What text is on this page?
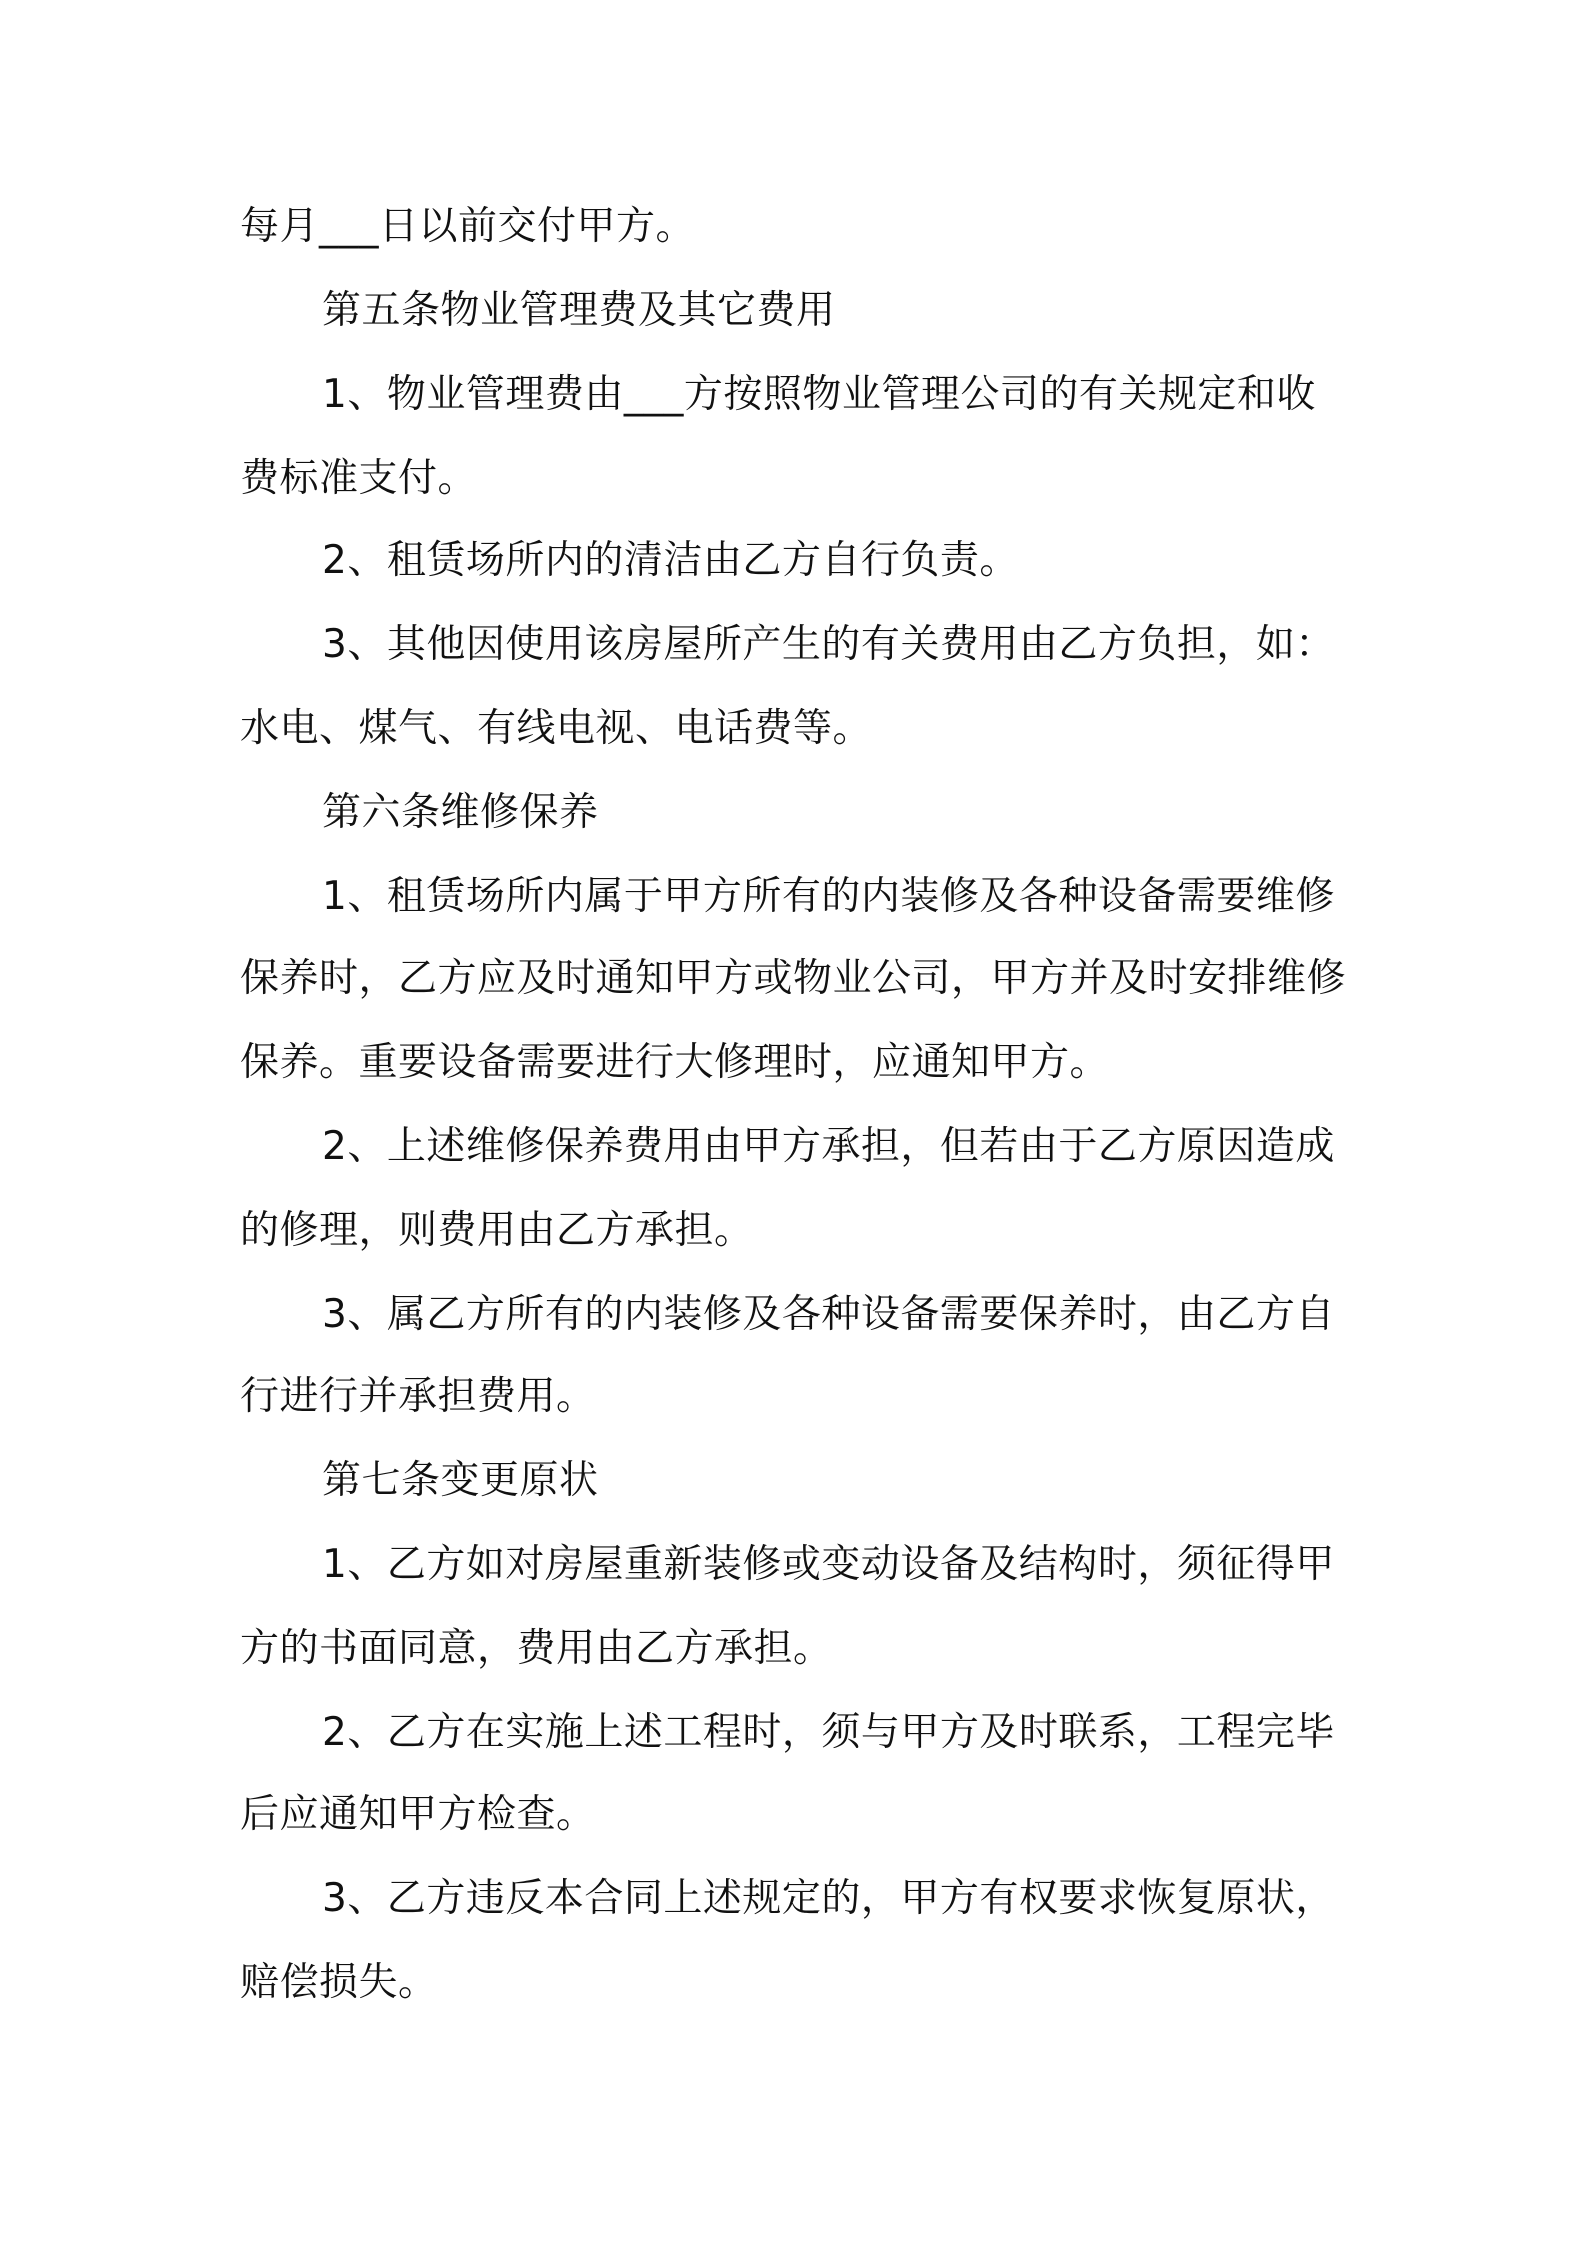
每月___日以前交付甲方。
第五条物业管理费及其它费用
1、物业管理费由___方按照物业管理公司的有关规定和收
费标准支付。
2、租赁场所内的清洁由乙方自行负责。
3、其他因使用该房屋所产生的有关费用由乙方负担，如：
水电、煤气、有线电视、电话费等。
第六条维修保养
1、租赁场所内属于甲方所有的内装修及各种设备需要维修
保养时，乙方应及时通知甲方或物业公司，甲方并及时安排维修
保养。重要设备需要进行大修理时，应通知甲方。
2、上述维修保养费用由甲方承担，但若由于乙方原因造成
的修理，则费用由乙方承担。
3、属乙方所有的内装修及各种设备需要保养时，由乙方自
行进行并承担费用。
第七条变更原状
1、乙方如对房屋重新装修或变动设备及结构时，须征得甲
方的书面同意，费用由乙方承担。
2、乙方在实施上述工程时，须与甲方及时联系，工程完毕
后应通知甲方检查。
3、乙方违反本合同上述规定的，甲方有权要求恢复原状，
赔偿损失。
